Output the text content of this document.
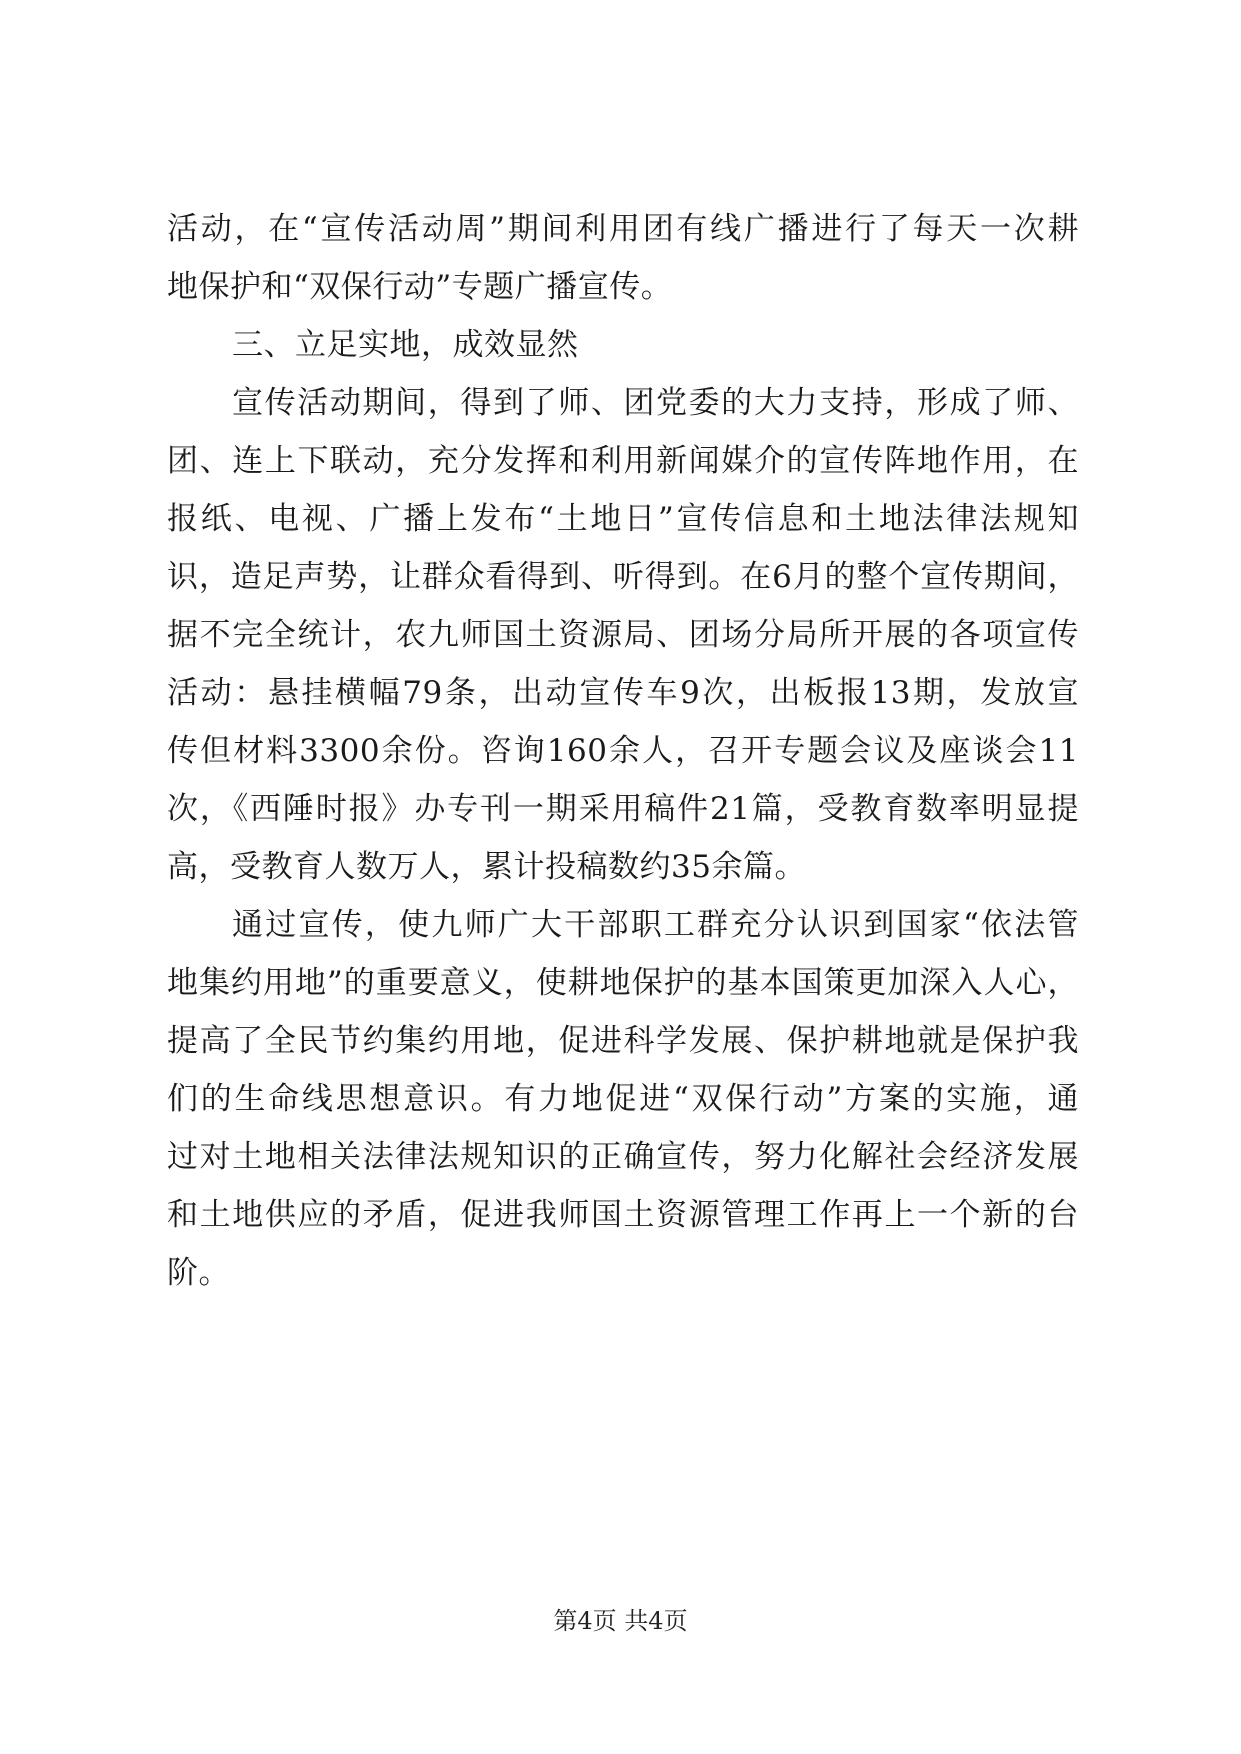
活动，在“宣传活动周”期间利用团有线广播进行了每天一次耕
地保护和“双保行动”专题广播宣传。
三、立足实地，成效显然
宣传活动期间，得到了师、团党委的大力支持，形成了师、
团、连上下联动，充分发挥和利用新闻媒介的宣传阵地作用，在
报纸、电视、广播上发布“土地日”宣传信息和土地法律法规知
识，造足声势，让群众看得到、听得到。在6月的整个宣传期间，
据不完全统计，农九师国土资源局、团场分局所开展的各项宣传
活动：悬挂横幅79条，出动宣传车9次，出板报13期，发放宣
传但材料3300余份。咨询160余人，召开专题会议及座谈会11
次，《西陲时报》办专刊一期采用稿件21篇，受教育数率明显提
高，受教育人数万人，累计投稿数约35余篇。
通过宣传，使九师广大干部职工群充分认识到国家“依法管
地集约用地”的重要意义，使耕地保护的基本国策更加深入人心，
提高了全民节约集约用地，促进科学发展、保护耕地就是保护我
们的生命线思想意识。有力地促进“双保行动”方案的实施，通
过对土地相关法律法规知识的正确宣传，努力化解社会经济发展
和土地供应的矛盾，促进我师国土资源管理工作再上一个新的台
阶。
第4页 共4页
